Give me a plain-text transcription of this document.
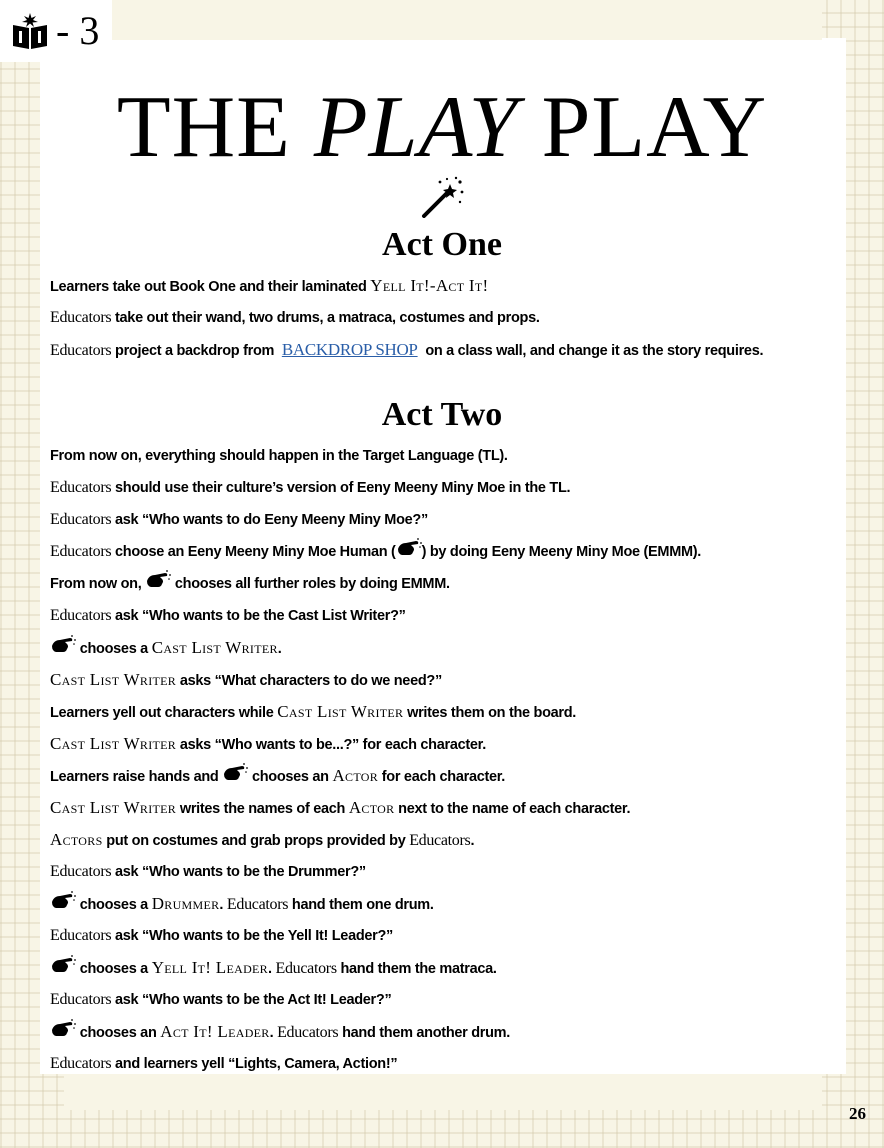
- 3
THE PLAY PLAY
Act One
Learners take out Book One and their laminated Yell It!-Act It!
Educators take out their wand, two drums, a matraca, costumes and props.
Educators project a backdrop from BACKDROP SHOP on a class wall, and change it as the story requires.
Act Two
From now on, everything should happen in the Target Language (TL).
Educators should use their culture’s version of Eeny Meeny Miny Moe in the TL.
Educators ask “Who wants to do Eeny Meeny Miny Moe?”
Educators choose an Eeny Meeny Miny Moe Human ( ) by doing Eeny Meeny Miny Moe (EMMM).
From now on,  chooses all further roles by doing EMMM.
Educators ask “Who wants to be the Cast List Writer?”
chooses a Cast List Writer.
Cast List Writer asks “What characters to do we need?”
Learners yell out characters while Cast List Writer writes them on the board.
Cast List Writer asks “Who wants to be...?” for each character.
Learners raise hands and  chooses an Actor for each character.
Cast List Writer writes the names of each Actor next to the name of each character.
Actors put on costumes and grab props provided by Educators.
Educators ask “Who wants to be the Drummer?”
chooses a Drummer. Educators hand them one drum.
Educators ask “Who wants to be the Yell It! Leader?”
chooses a Yell It! Leader. Educators hand them the matraca.
Educators ask “Who wants to be the Act It! Leader?”
chooses an Act It! Leader. Educators hand them another drum.
Educators and learners yell “Lights, Camera, Action!”
26
